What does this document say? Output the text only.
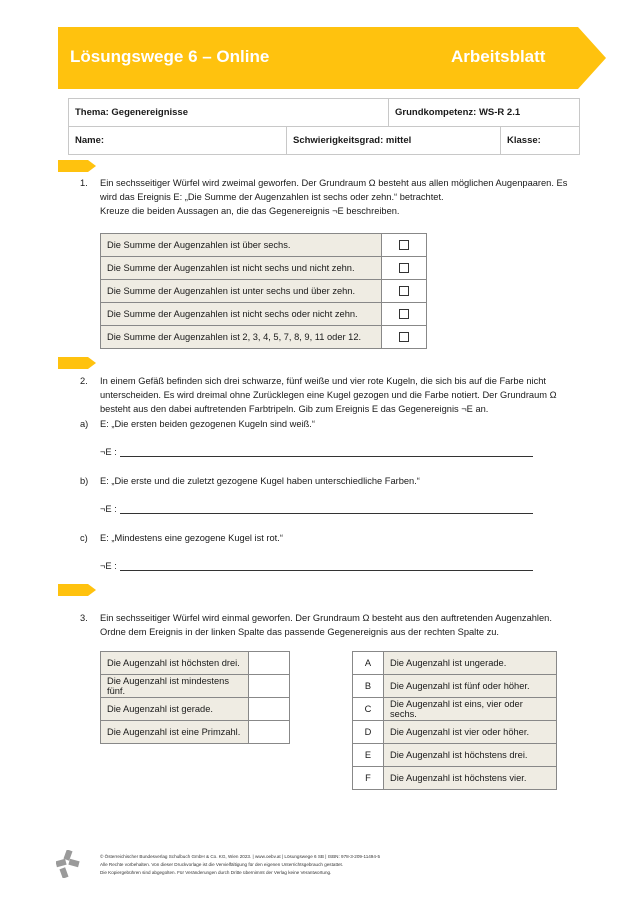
Lösungswege 6 – Online	Arbeitsblatt
Thema: Gegenereignisse		Grundkompetenz: WS-R 2.1	
Name:	Schwierigkeitsgrad: mittel		Klasse:
1. Ein sechsseitiger Würfel wird zweimal geworfen. Der Grundraum Ω besteht aus allen möglichen Augenpaaren. Es
wird das Ereignis E: „Die Summe der Augenzahlen ist sechs oder zehn.“ betrachtet.
Kreuze die beiden Aussagen an, die das Gegenereignis ¬E beschreiben.
Die Summe der Augenzahlen ist über sechs.	
Die Summe der Augenzahlen ist nicht sechs und nicht zehn.	
Die Summe der Augenzahlen ist unter sechs und über zehn.	
Die Summe der Augenzahlen ist nicht sechs oder nicht zehn.	
Die Summe der Augenzahlen ist 2, 3, 4, 5, 7, 8, 9, 11 oder 12.	
2. In einem Gefäß befinden sich drei schwarze, fünf weiße und vier rote Kugeln, die sich bis auf die Farbe nicht
unterscheiden. Es wird dreimal ohne Zurücklegen eine Kugel gezogen und die Farbe notiert. Der Grundraum Ω
besteht aus den dabei auftretenden Farbtripeln. Gib zum Ereignis E das Gegenereignis ¬E an.
a) E: „Die ersten beiden gezogenen Kugeln sind weiß.“
¬E :
b) E: „Die erste und die zuletzt gezogene Kugel haben unterschiedliche Farben.“
¬E :
c) E: „Mindestens eine gezogene Kugel ist rot.“
¬E :
3. Ein sechsseitiger Würfel wird einmal geworfen. Der Grundraum Ω besteht aus den auftretenden Augenzahlen.
Ordne dem Ereignis in der linken Spalte das passende Gegenereignis aus der rechten Spalte zu.
Die Augenzahl ist höchsten drei.	
Die Augenzahl ist mindestens fünf.	
Die Augenzahl ist gerade.	
Die Augenzahl ist eine Primzahl.	
A	Die Augenzahl ist ungerade.
B	Die Augenzahl ist fünf oder höher.
C	Die Augenzahl ist eins, vier oder sechs.
D	Die Augenzahl ist vier oder höher.
E	Die Augenzahl ist höchstens drei.
F	Die Augenzahl ist höchstens vier.
© Österreichischer Bundesverlag Schulbuch GmbH & Co. KG, Wien 2023. | www.oebv.at | Lösungswege 6 SB | ISBN: 978-3-209-11494-5
Alle Rechte vorbehalten. Von dieser Druckvorlage ist die Vervielfältigung für den eigenen Unterrichtsgebrauch gestattet.
Die Kopiergebühren sind abgegolten. Für Veränderungen durch Dritte übernimmt der Verlag keine Verantwortung.
